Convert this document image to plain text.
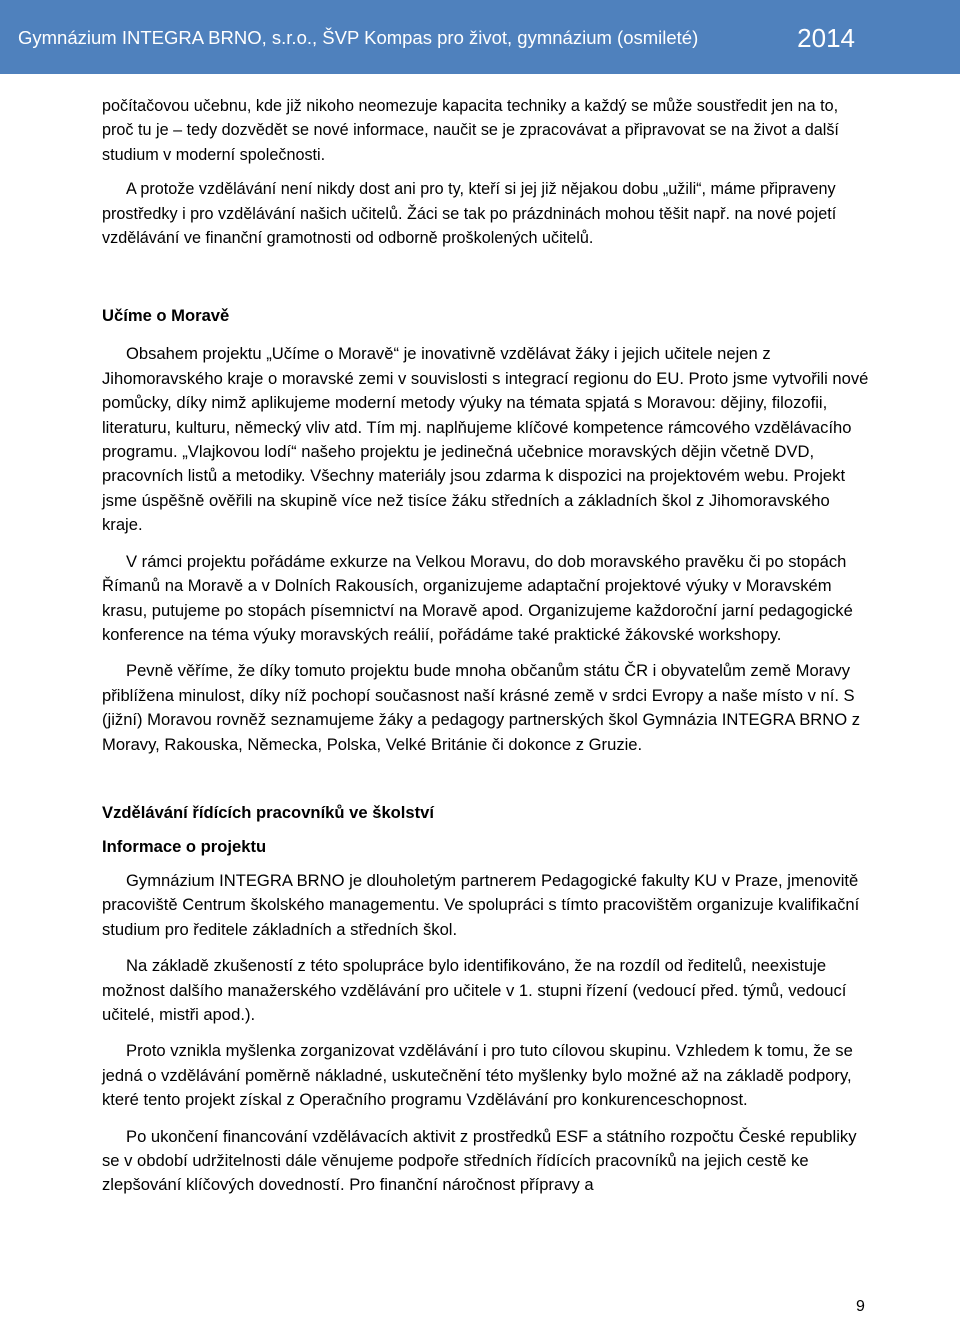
Gymnázium INTEGRA BRNO, s.r.o., ŠVP Kompas pro život, gymnázium (osmileté)	2014

počítačovou učebnu, kde již nikoho neomezuje kapacita techniky a každý se může soustředit jen na to, proč tu je – tedy dozvědět se nové informace, naučit se je zpracovávat a připravovat se na život a další studium v moderní společnosti.

A protože vzdělávání není nikdy dost ani pro ty, kteří si jej již nějakou dobu „užili“, máme připraveny prostředky i pro vzdělávání našich učitelů. Žáci se tak po prázdninách mohou těšit např. na nové pojetí vzdělávání ve finanční gramotnosti od odborně proškolených učitelů.

Učíme o Moravě

Obsahem projektu „Učíme o Moravě“ je inovativně vzdělávat žáky i jejich učitele nejen z Jihomoravského kraje o moravské zemi v souvislosti s integrací regionu do EU. Proto jsme vytvořili nové pomůcky, díky nimž aplikujeme moderní metody výuky na témata spjatá s Moravou: dějiny, filozofii, literaturu, kulturu, německý vliv atd. Tím mj. naplňujeme klíčové kompetence rámcového vzdělávacího programu. „Vlajkovou lodí“ našeho projektu je jedinečná učebnice moravských dějin včetně DVD, pracovních listů a metodiky. Všechny materiály jsou zdarma k dispozici na projektovém webu. Projekt jsme úspěšně ověřili na skupině více než tisíce žáku středních a základních škol z Jihomoravského kraje.

V rámci projektu pořádáme exkurze na Velkou Moravu, do dob moravského pravěku či po stopách Římanů na Moravě a v Dolních Rakousích, organizujeme adaptační projektové výuky v Moravském krasu, putujeme po stopách písemnictví na Moravě apod. Organizujeme každoroční jarní pedagogické konference na téma výuky moravských reálií, pořádáme také praktické žákovské workshopy.

Pevně věříme, že díky tomuto projektu bude mnoha občanům státu ČR i obyvatelům země Moravy přiblížena minulost, díky níž pochopí současnost naší krásné země v srdci Evropy a naše místo v ní. S (jižní) Moravou rovněž seznamujeme žáky a pedagogy partnerských škol Gymnázia INTEGRA BRNO z Moravy, Rakouska, Německa, Polska, Velké Británie či dokonce z Gruzie.

Vzdělávání řídících pracovníků ve školství
Informace o projektu

Gymnázium INTEGRA BRNO je dlouholetým partnerem Pedagogické fakulty KU v Praze, jmenovitě pracoviště Centrum školského managementu. Ve spolupráci s tímto pracovištěm organizuje kvalifikační studium pro ředitele základních a středních škol.

Na základě zkušeností z této spolupráce bylo identifikováno, že na rozdíl od ředitelů, neexistuje možnost dalšího manažerského vzdělávání pro učitele v 1. stupni řízení (vedoucí před. týmů, vedoucí učitelé, mistři apod.).

Proto vznikla myšlenka zorganizovat vzdělávání i pro tuto cílovou skupinu. Vzhledem k tomu, že se jedná o vzdělávání poměrně nákladné, uskutečnění této myšlenky bylo možné až na základě podpory, které tento projekt získal z Operačního programu Vzdělávání pro konkurenceschopnost.

Po ukončení financování vzdělávacích aktivit z prostředků ESF a státního rozpočtu České republiky se v období udržitelnosti dále věnujeme podpoře středních řídících pracovníků na jejich cestě ke zlepšování klíčových dovedností. Pro finanční náročnost přípravy a

9
